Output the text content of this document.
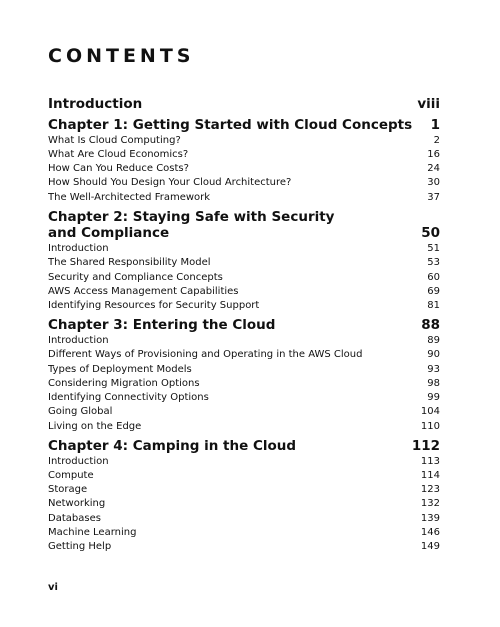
CONTENTS
Introduction	viii
Chapter 1: Getting Started with Cloud Concepts 1
What Is Cloud Computing?	2
What Are Cloud Economics?	16
How Can You Reduce Costs?	24
How Should You Design Your Cloud Architecture?	30
The Well-Architected Framework	37
Chapter 2: Staying Safe with Security
and Compliance	50
Introduction	51
The Shared Responsibility Model	53
Security and Compliance Concepts	60
AWS Access Management Capabilities	69
Identifying Resources for Security Support	81
Chapter 3: Entering the Cloud	88
Introduction	89
Different Ways of Provisioning and Operating in the AWS Cloud	90
Types of Deployment Models	93
Considering Migration Options	98
Identifying Connectivity Options	99
Going Global	104
Living on the Edge	110
Chapter 4: Camping in the Cloud	112
Introduction	113
Compute	114
Storage	123
Networking	132
Databases	139
Machine Learning	146
Getting Help	149
vi
